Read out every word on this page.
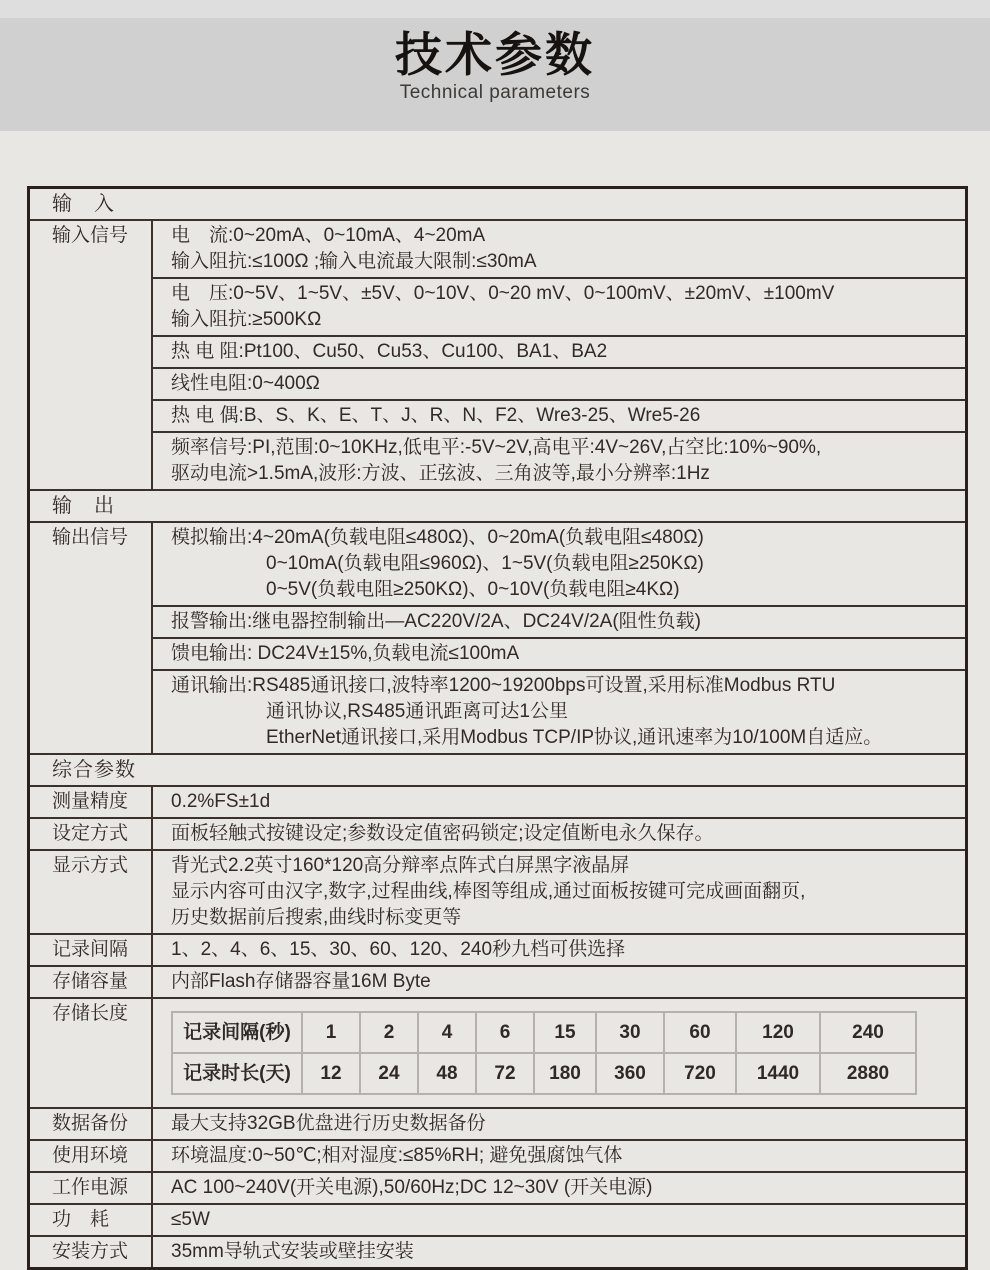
技术参数
Technical parameters
输　入
输入信号	电　流:0~20mA、0~10mA、4~20mA
输入阻抗:≤100Ω ;输入电流最大限制:≤30mA
电　压:0~5V、1~5V、±5V、0~10V、0~20 mV、0~100mV、±20mV、±100mV
输入阻抗:≥500KΩ
热 电 阻:Pt100、Cu50、Cu53、Cu100、BA1、BA2
线性电阻:0~400Ω
热 电 偶:B、S、K、E、T、J、R、N、F2、Wre3-25、Wre5-26
频率信号:PI,范围:0~10KHz,低电平:-5V~2V,高电平:4V~26V,占空比:10%~90%,
驱动电流>1.5mA,波形:方波、正弦波、三角波等,最小分辨率:1Hz
输　出
输出信号	模拟输出:4~20mA(负载电阻≤480Ω)、0~20mA(负载电阻≤480Ω)
0~10mA(负载电阻≤960Ω)、1~5V(负载电阻≥250KΩ)
0~5V(负载电阻≥250KΩ)、0~10V(负载电阻≥4KΩ)
报警输出:继电器控制输出—AC220V/2A、DC24V/2A(阻性负载)
馈电输出: DC24V±15%,负载电流≤100mA
通讯输出:RS485通讯接口,波特率1200~19200bps可设置,采用标准Modbus RTU
通讯协议,RS485通讯距离可达1公里
EtherNet通讯接口,采用Modbus TCP/IP协议,通讯速率为10/100M自适应。
综合参数
测量精度	0.2%FS±1d
设定方式	面板轻触式按键设定;参数设定值密码锁定;设定值断电永久保存。
显示方式	背光式2.2英寸160*120高分辩率点阵式白屏黑字液晶屏
显示内容可由汉字,数字,过程曲线,棒图等组成,通过面板按键可完成画面翻页,
历史数据前后搜索,曲线时标变更等
记录间隔	1、2、4、6、15、30、60、120、240秒九档可供选择
存储容量	内部Flash存储器容量16M Byte
存储长度
记录间隔(秒)	1	2	4	6	15	30	60	120	240
记录时长(天)	12	24	48	72	180	360	720	1440	2880
数据备份	最大支持32GB优盘进行历史数据备份
使用环境	环境温度:0~50℃;相对湿度:≤85%RH; 避免强腐蚀气体
工作电源	AC 100~240V(开关电源),50/60Hz;DC 12~30V (开关电源)
功　耗	≤5W
安装方式	35mm导轨式安装或壁挂安装
